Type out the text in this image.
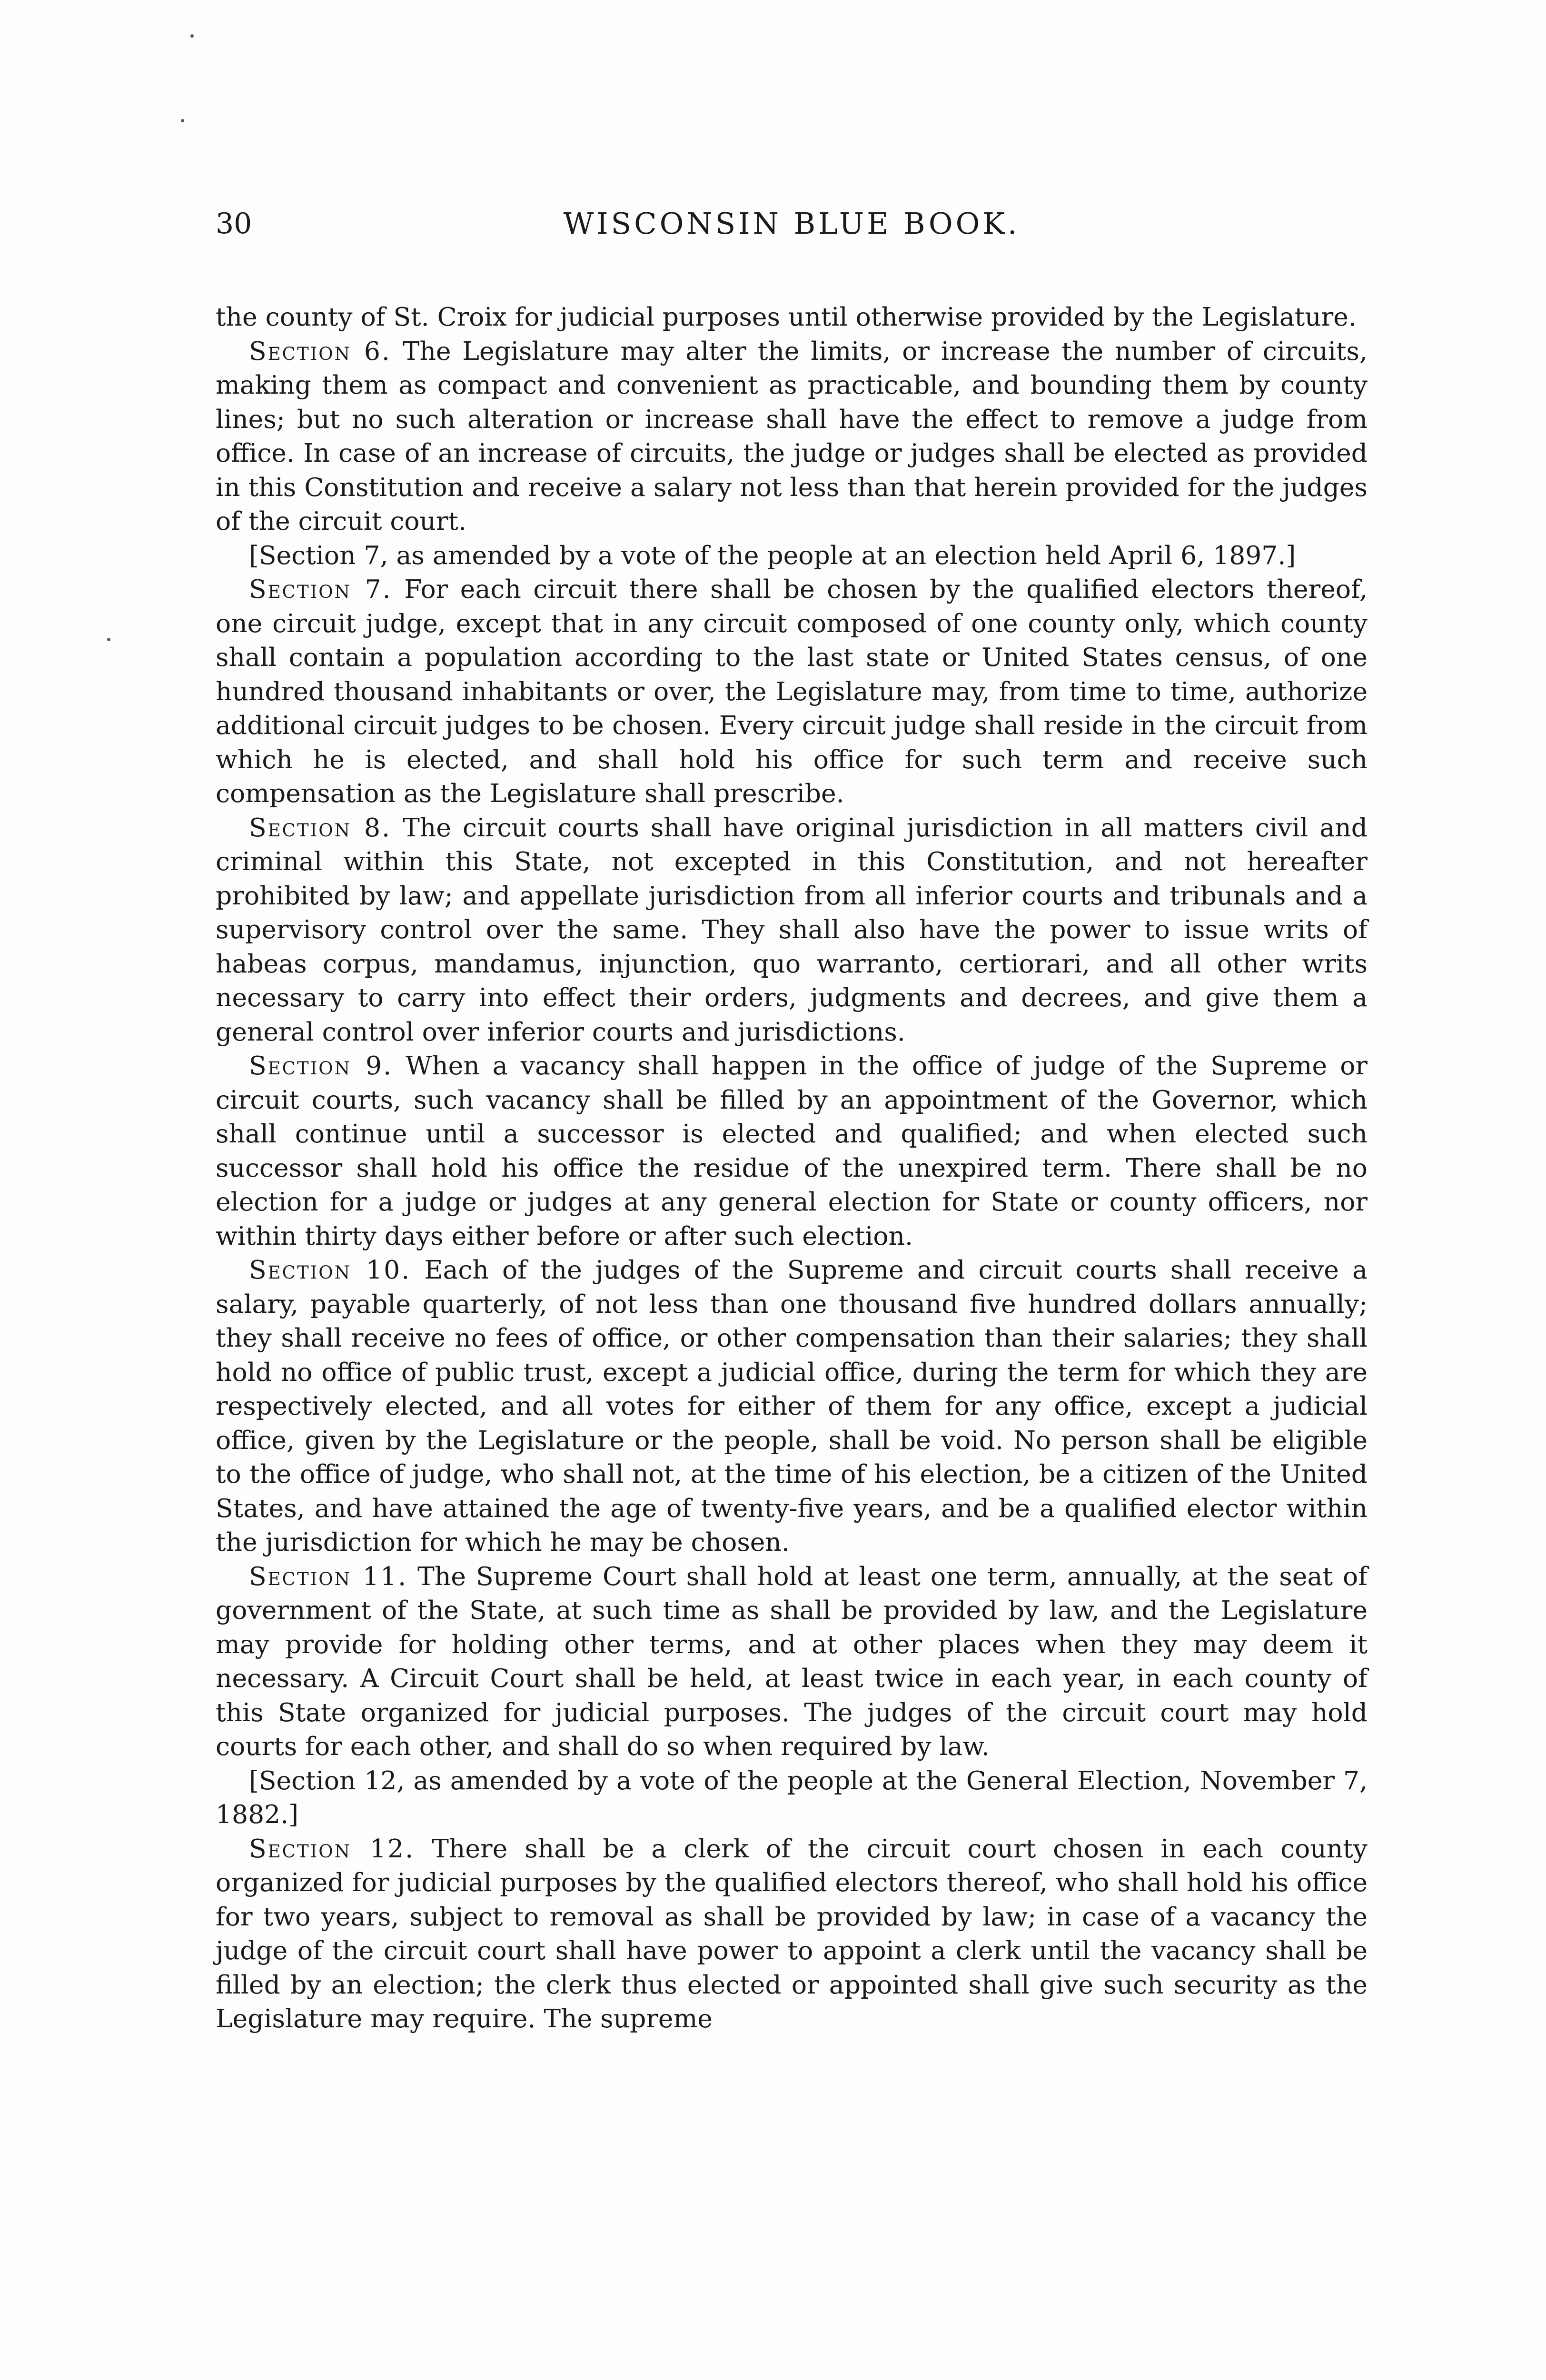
30	WISCONSIN BLUE BOOK.

the county of St. Croix for judicial purposes until otherwise provided by the Legislature.

Section 6. The Legislature may alter the limits, or increase the number of circuits, making them as compact and convenient as practicable, and bounding them by county lines; but no such alteration or increase shall have the effect to remove a judge from office. In case of an increase of circuits, the judge or judges shall be elected as provided in this Constitution and receive a salary not less than that herein provided for the judges of the circuit court.

[Section 7, as amended by a vote of the people at an election held April 6, 1897.]

Section 7. For each circuit there shall be chosen by the qualified electors thereof, one circuit judge, except that in any circuit composed of one county only, which county shall contain a population according to the last state or United States census, of one hundred thousand inhabitants or over, the Legislature may, from time to time, authorize additional circuit judges to be chosen. Every circuit judge shall reside in the circuit from which he is elected, and shall hold his office for such term and receive such compensation as the Legislature shall prescribe.

Section 8. The circuit courts shall have original jurisdiction in all matters civil and criminal within this State, not excepted in this Constitution, and not hereafter prohibited by law; and appellate jurisdiction from all inferior courts and tribunals and a supervisory control over the same. They shall also have the power to issue writs of habeas corpus, mandamus, injunction, quo warranto, certiorari, and all other writs necessary to carry into effect their orders, judgments and decrees, and give them a general control over inferior courts and jurisdictions.

Section 9. When a vacancy shall happen in the office of judge of the Supreme or circuit courts, such vacancy shall be filled by an appointment of the Governor, which shall continue until a successor is elected and qualified; and when elected such successor shall hold his office the residue of the unexpired term. There shall be no election for a judge or judges at any general election for State or county officers, nor within thirty days either before or after such election.

Section 10. Each of the judges of the Supreme and circuit courts shall receive a salary, payable quarterly, of not less than one thousand five hundred dollars annually; they shall receive no fees of office, or other compensation than their salaries; they shall hold no office of public trust, except a judicial office, during the term for which they are respectively elected, and all votes for either of them for any office, except a judicial office, given by the Legislature or the people, shall be void. No person shall be eligible to the office of judge, who shall not, at the time of his election, be a citizen of the United States, and have attained the age of twenty-five years, and be a qualified elector within the jurisdiction for which he may be chosen.

Section 11. The Supreme Court shall hold at least one term, annually, at the seat of government of the State, at such time as shall be provided by law, and the Legislature may provide for holding other terms, and at other places when they may deem it necessary. A Circuit Court shall be held, at least twice in each year, in each county of this State organized for judicial purposes. The judges of the circuit court may hold courts for each other, and shall do so when required by law.

[Section 12, as amended by a vote of the people at the General Election, November 7, 1882.]

Section 12. There shall be a clerk of the circuit court chosen in each county organized for judicial purposes by the qualified electors thereof, who shall hold his office for two years, subject to removal as shall be provided by law; in case of a vacancy the judge of the circuit court shall have power to appoint a clerk until the vacancy shall be filled by an election; the clerk thus elected or appointed shall give such security as the Legislature may require. The supreme
